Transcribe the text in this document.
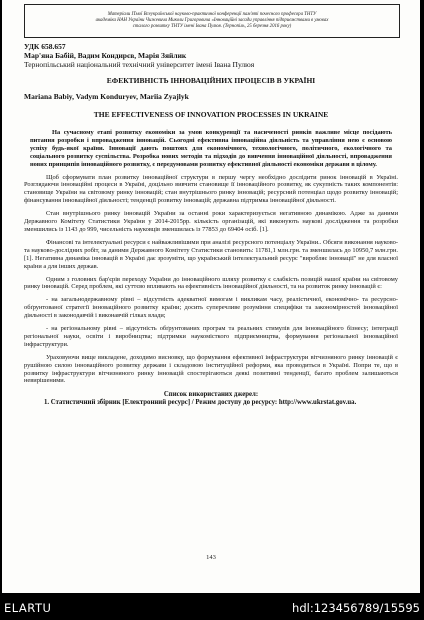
Матеріали ІТмої Всеукраїнської науково-практичної конференції пам'яті почесного професора ТНТУ
академіка НАН України Чижевича Миколи Григоровича «Інноваційні засади управління підприємствами в умовах
сталого розвитку ТНТУ імені Івана Пулюя. (Тернопіль, 25 березня 2016 року)
УДК 658.657
Мар'яна Бабій, Вадим Кондирєв, Марія Зяйлик
Тернопільський національний технічний університет імені Івана Пулюя
ЕФЕКТИВНІСТЬ ІННОВАЦІЙНИХ ПРОЦЕСІВ В УКРАЇНІ
Mariana Babiy, Vadym Konduryev, Mariia Zyajlyk
THE EFFECTIVENESS OF INNOVATION PROCESSES IN UKRAINE

На сучасному етапі розвитку економіки за умов конкуренції та насиченості ринків важливе місце посідають питання розробки і впровадження інновацій. Сьогодні ефективна інноваційна діяльність та управління нею є основою успіху будь-якої країни. Інновації дають поштовх для економічного, технологічного, політичного, екологічного та соціального розвитку суспільства. Розробка нових методів та підходів до вивчення інноваційної діяльності, впровадження нових принципів інноваційного розвитку, є передумовами розвитку ефективної діяльності економіки держави в цілому.

Щоб сформувати план розвитку інноваційної структури в першу чергу необхідно дослідити ринок інновацій в Україні. Розглядаючи інноваційні процеси в Україні, доцільно вивчити становище її інноваційного розвитку, як сукупність таких компонентів: становище України на світовому ринку інновацій; стан внутрішнього ринку інновацій; ресурсний потенціал щодо розвитку інновацій; фінансування інноваційної діяльності; тенденції розвитку інновацій; державна підтримка інноваційної діяльності.

Стан внутрішнього ринку інновацій України за останні роки характеризується негативною динамікою. Адже за даними Державного Комітету Статистики України у 2014-2015рр. кількість організацій, які виконують наукові дослідження та розробки зменшились із 1143 до 999, чисельність науковців зменшилась із 77853 до 69404 осіб. [1].

Фінансові та інтелектуальні ресурси є найважливішими при аналізі ресурсного потенціалу України.. Обсяги виконання науково- та науково-дослідних робіт, за даними Державного Комітету Статистики становить: 11781,1 млн.грн. та зменшилась до 10950,7 млн.грн. [1]. Негативна динаміка інновацій в Україні дає зрозуміти, що український інтелектуальний ресурс "виробляє інновації" не для власної країни а для інших держав.

Одним з головних бар'єрів переходу України до інноваційного шляху розвитку є слабкість позицій нашої країни на світовому ринку інновацій. Серед проблем, які суттєво впливають на ефективність інноваційної діяльності, та на розвиток ринку інновацій є:

- на загальнодержавному рівні – відсутність адекватної вимогам і викликам часу, реалістичної, економічно- та ресурсно-обґрунтованої стратегії інноваційного розвитку країни; досить суперечливе розуміння специфіки та закономірностей інноваційної діяльності в законодавчій і виконавчій гілках влади;

- на регіональному рівні – відсутність обґрунтованих програм та реальних стимулів для інноваційного бізнесу; інтеграції регіональної науки, освіти і виробництва; підтримки наукомісткого підприємництва, формування регіональної інноваційної інфраструктури.

Ураховуючи вище викладене, доходимо висновку, що формування ефективної інфраструктури вітчизняного ринку інновацій є рушійною силою інноваційного розвитку держави і складовою інституційної реформи, яка проводиться в Україні. Попри те, що в розвитку інфраструктури вітчизняного ринку інновацій спостерігаються деякі позитивні тенденції, багато проблем залишаються невирішеними.

Список використаних джерел:
1. Статистичний збірник [Електронний ресурс] / Режим доступу до ресурсу: http://www.ukrstat.gov.ua.
143
ELARTU	hdl:123456789/15595
